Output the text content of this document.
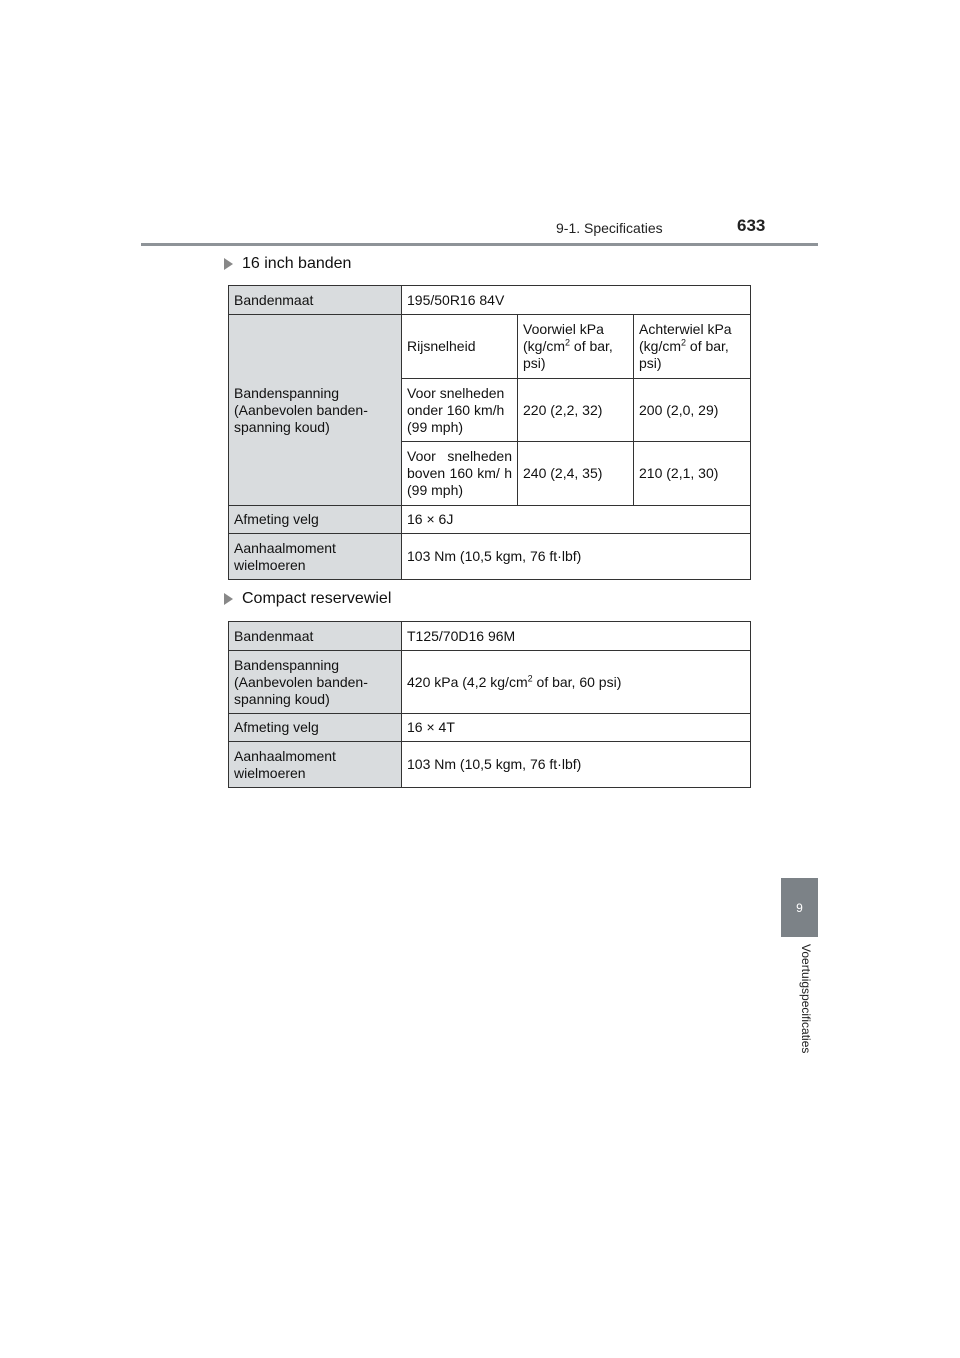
9-1. Specificaties	633
9
Voertuigspecificaties
16 inch banden
Bandenmaat	195/50R16 84V		
Bandenspanning (Aanbevolen banden-spanning koud)	Rijsnelheid	Voorwiel kPa ($kg/cm^2$ of bar, psi)	Achterwiel kPa ($kg/cm^2$ of bar, psi)
	Voor snelheden onder 160 km/h (99 mph)	220 (2,2, 32)	200 (2,0, 29)
	Voor snelheden boven 160 km/ h (99 mph)	240 (2,4, 35)	210 (2,1, 30)
Afmeting velg	16 × 6J		
Aanhaalmoment wielmoeren	103 Nm (10,5 kgm, 76 ft·lbf)		
Compact reservewiel
Bandenmaat	T125/70D16 96M
Bandenspanning (Aanbevolen banden-spanning koud)	420 kPa (4,2 $kg/cm^2$ of bar, 60 psi)
Afmeting velg	16 × 4T
Aanhaalmoment wielmoeren	103 Nm (10,5 kgm, 76 ft·lbf)
